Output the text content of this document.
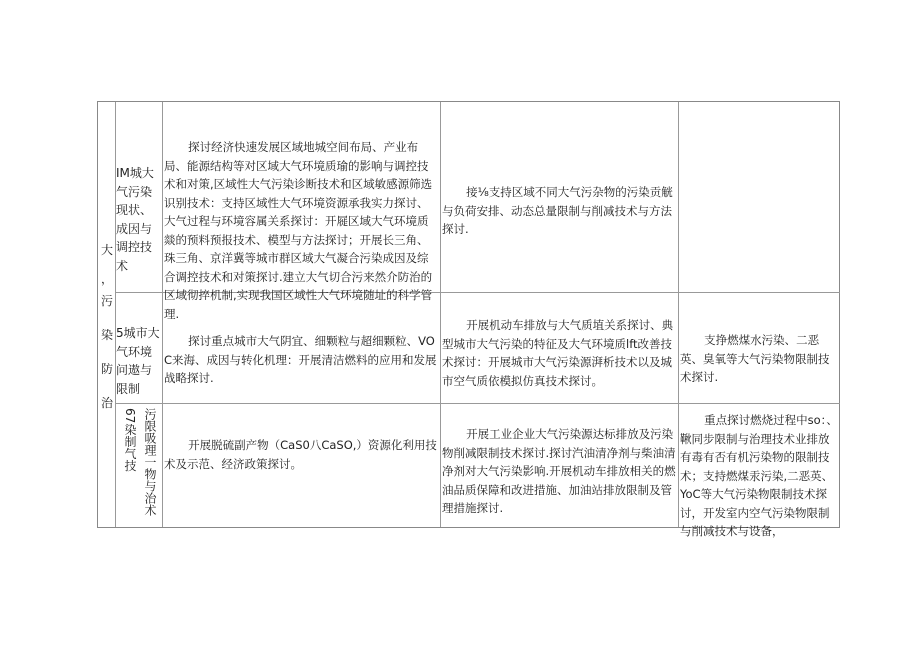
大
，
污
染
防
治
IM城大气污染现状、成因与调控技术
探讨经济快速发展区域地城空间布局、产业布局、能源结构等对区域大气环境质瑜的影响与调控技术和对策,区域性大气污染诊断技术和区域敏感源筛选识别技术：支持区域性大气环境资源承我实力探讨、大气过程与环境容属关系探讨：开屣区域大气环境质燚的预料预报技术、模型与方法探讨；开展长三角、珠三角、京洋冀等城市群区域大气凝合污染成因及综合调控技术和对策探讨.建立大气切合污来然介防治的区域彻捽机制,实现我国区域性大气环境随址的科学管理.
接⅛支持区域不同大气污杂物的污染贡觥与负荷安排、动态总量限制与削减技术与方法探讨.
5城市大气环境问遨与限制
探讨重点城市大气阴宜、细颗粒与超细颗粒、VOC来海、成因与转化机理：开展清洁燃料的应用和发展战略探讨.
开展机动车排放与大气质埴关系探讨、典型城市大气污染的特征及大气环境质lft改善技术探讨：开展城市大气污染源湃析技术以及城市空气质依模拟仿真技术探讨。
支挣燃煤水污染、二恶英、臭氧等大气污染物限制技术探讨.
污限吸理一物与治术
67染制气技	开展脱硫副产物（CaS0八CaSO,）资源化利用技术及示范、经济政策探讨。
开展工业企业大气污染源达标排放及污染物削减限制技术探讨.探讨汽油清净剂与柴油清净剂对大气污染影响.开展机动车排放相关的燃油品质保障和改进措施、加油站排放限制及管理措施探讨.
重点探讨燃烧过程中so：、鞦同步限制与治理技术业排放有毒有否有机污染物的限制技术；支持燃煤汞污染,二恶英、YoC等大气污染物限制技术探讨，开发室内空气污染物限制与削减技术与设备，
